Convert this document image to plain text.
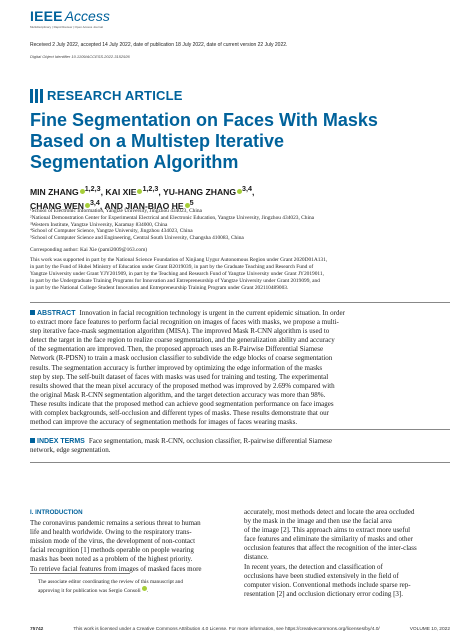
IEEE Access
Multidisciplinary | Rapid Review | Open Access Journal
Received 2 July 2022, accepted 14 July 2022, date of publication 18 July 2022, date of current version 22 July 2022.
Digital Object Identifier 10.1109/ACCESS.2022.3152926
RESEARCH ARTICLE
Fine Segmentation on Faces With Masks
Based on a Multistep Iterative
Segmentation Algorithm
MIN ZHANG $^{1,2,3}$, KAI XIE $^{1,2,3}$, YU-HANG ZHANG $^{3,4}$,
CHANG WEN $^{3,4}$, AND JIAN-BIAO HE $^5$

¹School of Electronic Information, Yangtze University, Jingzhou 434023, China

²National Demonstration Center for Experimental Electrical and Electronic Education, Yangtze University, Jingzhou 434023, China

³Western Institute, Yangtze University, Karamay 834000, China

⁴School of Computer Science, Yangtze University, Jingzhou 434023, China

⁵School of Computer Science and Engineering, Central South University, Changsha 410083, China

Corresponding author: Kai Xie (pami2009@163.com)

This work was supported in part by the National Science Foundation of Xinjiang Uygur Autonomous Region under Grant 2020D01A131,

in part by the Fund of Hubei Ministry of Education under Grant B2019039, in part by the Graduate Teaching and Research Fund of

Yangtze University under Grant YJY201909, in part by the Teaching and Research Fund of Yangtze University under Grant JY2019011,

in part by the Undergraduate Training Programs for Innovation and Entrepreneurship of Yangtze University under Grant 2019099, and

in part by the National College Student Innovation and Entrepreneurship Training Program under Grant 202110489003.

ABSTRACT Innovation in facial recognition technology is urgent in the current epidemic situation. In order

to extract more face features to perform facial recognition on images of faces with masks, we propose a multi-

step iterative face-mask segmentation algorithm (MISA). The improved Mask R-CNN algorithm is used to

detect the target in the face region to realize coarse segmentation, and the generalization ability and accuracy

of the segmentation are improved. Then, the proposed approach uses an R-Pairwise Differential Siamese

Network (R-PDSN) to train a mask occlusion classifier to subdivide the edge blocks of coarse segmentation

results. The segmentation accuracy is further improved by optimizing the edge information of the masks

step by step. The self-built dataset of faces with masks was used for training and testing. The experimental

results showed that the mean pixel accuracy of the proposed method was improved by 2.69% compared with

the original Mask R-CNN segmentation algorithm, and the target detection accuracy was more than 98%.

These results indicate that the proposed method can achieve good segmentation performance on face images

with complex backgrounds, self-occlusion and different types of masks. These results demonstrate that our

method can improve the accuracy of segmentation methods for images of faces wearing masks.

INDEX TERMS Face segmentation, mask R-CNN, occlusion classifier, R-pairwise differential Siamese

network, edge segmentation.

I. INTRODUCTION

The coronavirus pandemic remains a serious threat to human

life and health worldwide. Owing to the respiratory trans-

mission mode of the virus, the development of non-contact

facial recognition [1] methods operable on people wearing

masks has been noted as a problem of the highest priority.

To retrieve facial features from images of masked faces more

accurately, most methods detect and locate the area occluded

by the mask in the image and then use the facial area

of the image [2]. This approach aims to extract more useful

face features and eliminate the similarity of masks and other

occlusion features that affect the recognition of the inter-class

distance.

In recent years, the detection and classification of

occlusions have been studied extensively in the field of

computer vision. Conventional methods include sparse rep-

resentation [2] and occlusion dictionary error coding [3].

The associate editor coordinating the review of this manuscript and

approving it for publication was Sergio Consoli .

75742	This work is licensed under a Creative Commons Attribution 4.0 License. For more information, see https://creativecommons.org/licenses/by/4.0/	VOLUME 10, 2022
